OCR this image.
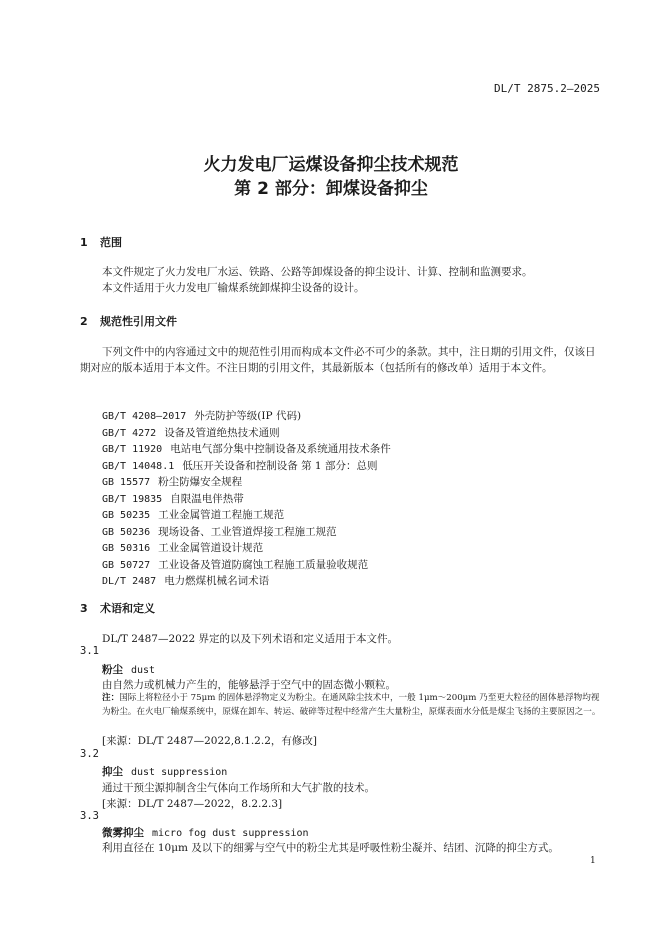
DL/T 2875.2—2025
火力发电厂运煤设备抑尘技术规范
第 2 部分：卸煤设备抑尘
1 范围
本文件规定了火力发电厂水运、铁路、公路等卸煤设备的抑尘设计、计算、控制和监测要求。
本文件适用于火力发电厂输煤系统卸煤抑尘设备的设计。
2 规范性引用文件
下列文件中的内容通过文中的规范性引用而构成本文件必不可少的条款。其中，注日期的引用文件，仅该日期对应的版本适用于本文件。不注日期的引用文件，其最新版本（包括所有的修改单）适用于本文件。
GB/T 4208—2017 外壳防护等级(IP 代码)
GB/T 4272 设备及管道绝热技术通则
GB/T 11920 电站电气部分集中控制设备及系统通用技术条件
GB/T 14048.1 低压开关设备和控制设备 第 1 部分：总则
GB 15577 粉尘防爆安全规程
GB/T 19835 自限温电伴热带
GB 50235 工业金属管道工程施工规范
GB 50236 现场设备、工业管道焊接工程施工规范
GB 50316 工业金属管道设计规范
GB 50727 工业设备及管道防腐蚀工程施工质量验收规范
DL/T 2487 电力燃煤机械名词术语
3 术语和定义
DL/T 2487—2022 界定的以及下列术语和定义适用于本文件。
3.1
粉尘 dust
由自然力或机械力产生的，能够悬浮于空气中的固态微小颗粒。
注：国际上将粒径小于 75μm 的固体悬浮物定义为粉尘。在通风除尘技术中，一般 1μm～200μm 乃至更大粒径的固体悬浮物均视为粉尘。在火电厂输煤系统中，原煤在卸车、转运、破碎等过程中经常产生大量粉尘，原煤表面水分低是煤尘飞扬的主要原因之一。
[来源：DL/T 2487—2022,8.1.2.2，有修改]
3.2
抑尘 dust suppression
通过干预尘源抑制含尘气体向工作场所和大气扩散的技术。
[来源：DL/T 2487—2022，8.2.2.3]
3.3
微雾抑尘 micro fog dust suppression
利用直径在 10μm 及以下的细雾与空气中的粉尘尤其是呼吸性粉尘凝并、结团、沉降的抑尘方式。
1
